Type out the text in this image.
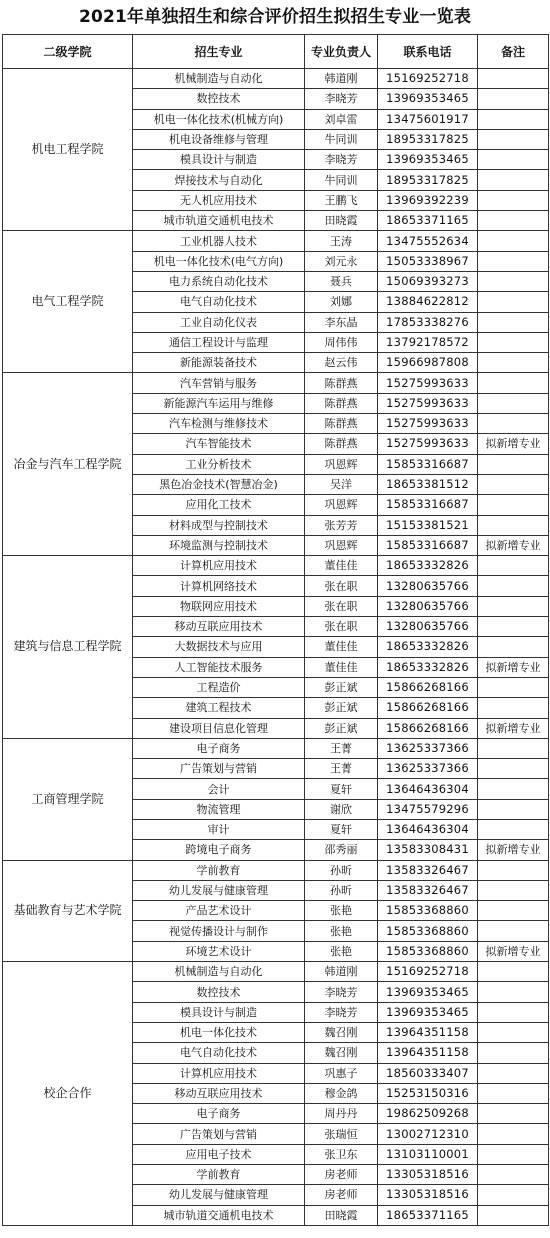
2021年单独招生和综合评价招生拟招生专业一览表
二级学院	招生专业	专业负责人	联系电话	备注
机电工程学院	机械制造与自动化	韩道刚	15169252718	
	数控技术	李晓芳	13969353465	
	机电一体化技术(机械方向)	刘卓雷	13475601917	
	机电设备维修与管理	牛同训	18953317825	
	模具设计与制造	李晓芳	13969353465	
	焊接技术与自动化	牛同训	18953317825	
	无人机应用技术	王鹏飞	13969392239	
	城市轨道交通机电技术	田晓霞	18653371165	
电气工程学院	工业机器人技术	王涛	13475552634	
	机电一体化技术(电气方向)	刘元永	15053338967	
	电力系统自动化技术	聂兵	15069393273	
	电气自动化技术	刘娜	13884622812	
	工业自动化仪表	李东晶	17853338276	
	通信工程设计与监理	周伟伟	13792178572	
	新能源装备技术	赵云伟	15966987808	
冶金与汽车工程学院	汽车营销与服务	陈群燕	15275993633	
	新能源汽车运用与维修	陈群燕	15275993633	
	汽车检测与维修技术	陈群燕	15275993633	
	汽车智能技术	陈群燕	15275993633	拟新增专业
	工业分析技术	巩恩辉	15853316687	
	黑色冶金技术(智慧冶金)	吴洋	18653381512	
	应用化工技术	巩恩辉	15853316687	
	材料成型与控制技术	张芳芳	15153381521	
	环境监测与控制技术	巩恩辉	15853316687	拟新增专业
建筑与信息工程学院	计算机应用技术	董佳佳	18653332826	
	计算机网络技术	张在职	13280635766	
	物联网应用技术	张在职	13280635766	
	移动互联应用技术	张在职	13280635766	
	大数据技术与应用	董佳佳	18653332826	
	人工智能技术服务	董佳佳	18653332826	拟新增专业
	工程造价	彭正斌	15866268166	
	建筑工程技术	彭正斌	15866268166	
	建设项目信息化管理	彭正斌	15866268166	拟新增专业
工商管理学院	电子商务	王菁	13625337366	
	广告策划与营销	王菁	13625337366	
	会计	夏轩	13646436304	
	物流管理	谢欣	13475579296	
	审计	夏轩	13646436304	
	跨境电子商务	邵秀丽	13583308431	拟新增专业
基础教育与艺术学院	学前教育	孙昕	13583326467	
	幼儿发展与健康管理	孙昕	13583326467	
	产品艺术设计	张艳	15853368860	
	视觉传播设计与制作	张艳	15853368860	
	环境艺术设计	张艳	15853368860	拟新增专业
校企合作	机械制造与自动化	韩道刚	15169252718	
	数控技术	李晓芳	13969353465	
	模具设计与制造	李晓芳	13969353465	
	机电一体化技术	魏召刚	13964351158	
	电气自动化技术	魏召刚	13964351158	
	计算机应用技术	巩惠子	18560333407	
	移动互联应用技术	穆金鸽	15253150316	
	电子商务	周丹丹	19862509268	
	广告策划与营销	张瑞恒	13002712310	
	应用电子技术	张卫东	13103110001	
	学前教育	房老师	13305318516	
	幼儿发展与健康管理	房老师	13305318516	
	城市轨道交通机电技术	田晓霞	18653371165	
